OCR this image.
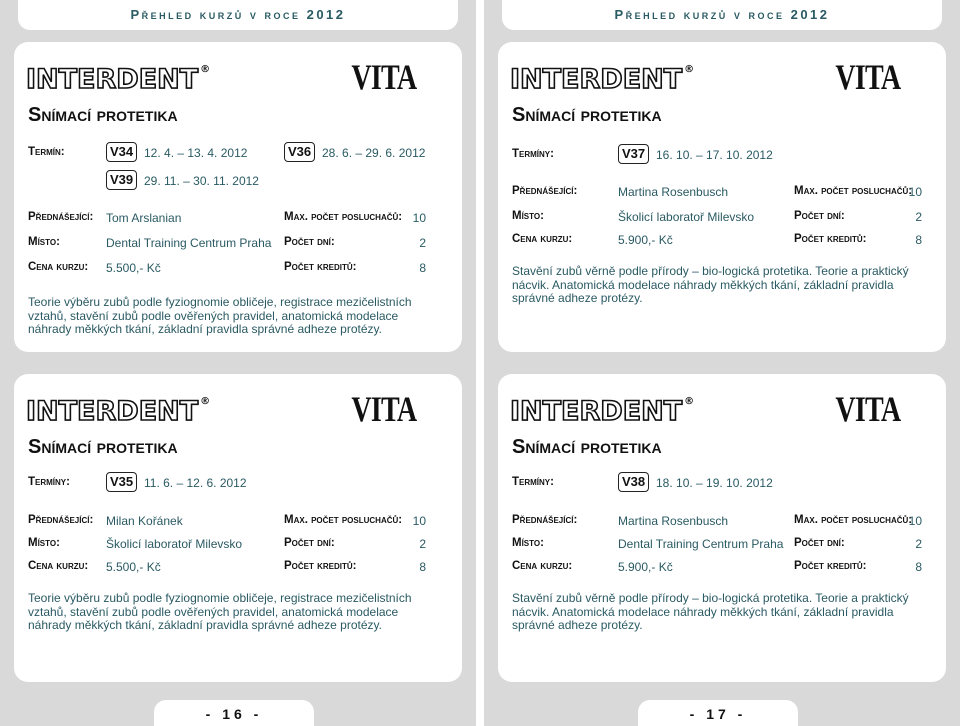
Přehled kurzů v roce 2012
INTERDENT ®	VITA
Snímací protetika
Termín:	V34 12. 4. – 13. 4. 2012	V36 28. 6. – 29. 6. 2012
V39 29. 11. – 30. 11. 2012
Přednášející: Tom Arslanian	Max. počet posluchačů: 10
Místo:	Dental Training Centrum Praha Počet dní:	2
Cena kurzu: 5.500,- Kč	Počet kreditů:	8
Teorie výběru zubů podle fyziognomie obličeje, registrace mezičelistních vztahů, stavění zubů podle ověřených pravidel, anatomická modelace náhrady měkkých tkání, základní pravidla správné adheze protézy.
INTERDENT ®	VITA
Snímací protetika
Termíny:	V35 11. 6. – 12. 6. 2012
Přednášející: Milan Kořánek	Max. počet posluchačů: 10
Místo:	Školicí laboratoř Milevsko	Počet dní:	2
Cena kurzu: 5.500,- Kč	Počet kreditů:	8
Teorie výběru zubů podle fyziognomie obličeje, registrace mezičelistních vztahů, stavění zubů podle ověřených pravidel, anatomická modelace náhrady měkkých tkání, základní pravidla správné adheze protézy.
- 16 -
Přehled kurzů v roce 2012
INTERDENT ®	VITA
Snímací protetika
Termíny:	V37 16. 10. – 17. 10. 2012
Přednášející:	Martina Rosenbusch	Max. počet posluchačů:
10
Místo:	Školicí laboratoř Milevsko	Počet dní:	2
Cena kurzu:	5.900,- Kč	Počet kreditů:	8
Stavění zubů věrně podle přírody – bio-logická protetika. Teorie a praktický nácvik. Anatomická modelace náhrady měkkých tkání, základní pravidla správné adheze protézy.
INTERDENT ®	VITA
Snímací protetika
Termíny:	V38 18. 10. – 19. 10. 2012
Přednášející:	Martina Rosenbusch	Max. počet posluchačů:
10
Místo:	Dental Training Centrum Praha Počet dní:	2
Cena kurzu:	5.900,- Kč	Počet kreditů:	8
Stavění zubů věrně podle přírody – bio-logická protetika. Teorie a praktický nácvik. Anatomická modelace náhrady měkkých tkání, základní pravidla správné adheze protézy.
- 17 -
